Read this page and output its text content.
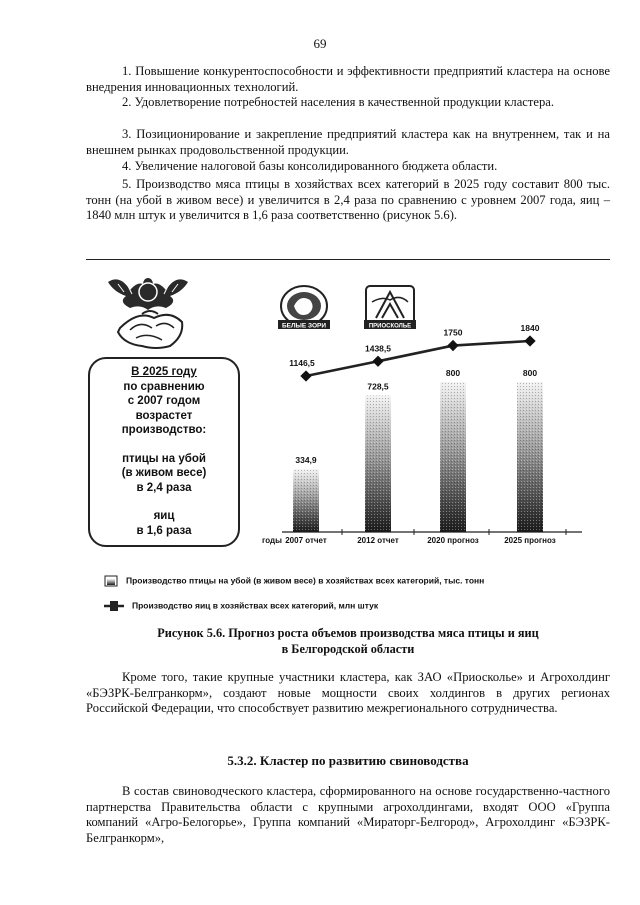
69
1. Повышение конкурентоспособности и эффективности предприятий кластера на основе внедрения инновационных технологий.
2. Удовлетворение потребностей населения в качественной продукции кластера.
3. Позиционирование и закрепление предприятий кластера как на внутреннем, так и на внешнем рынках продовольственной продукции.
4. Увеличение налоговой базы консолидированного бюджета области.
5. Производство мяса птицы в хозяйствах всех категорий в 2025 году составит 800 тыс. тонн (на убой в живом весе) и увеличится в 2,4 раза по сравнению с уровнем 2007 года, яиц – 1840 млн штук и увеличится в 1,6 раза соответственно (рисунок 5.6).
БЕЛЫЕ ЗОРИ	ПРИОСКОЛЬЕ
годы
334,9
728,5
800	800
1146,5
1438,5
1750	1840
2007 отчет	2012 отчет	2020 прогноз	2025 прогноз
В 2025 году
по сравнению
с 2007 годом
возрастет
производство:
птицы на убой
(в живом весе)
в 2,4 раза
яиц
в 1,6 раза
Производство птицы на убой (в живом весе) в хозяйствах всех категорий, тыс. тонн
Производство яиц в хозяйствах всех категорий, млн штук
Рисунок 5.6. Прогноз роста объемов производства мяса птицы и яиц
в Белгородской области
Кроме того, такие крупные участники кластера, как ЗАО «Приосколье» и Агрохолдинг «БЭЗРК-Белгранкорм», создают новые мощности своих холдингов в других регионах Российской Федерации, что способствует развитию межрегионального сотрудничества.
5.3.2. Кластер по развитию свиноводства
В состав свиноводческого кластера, сформированного на основе государственно-частного партнерства Правительства области с крупными агрохолдингами, входят ООО «Группа компаний «Агро-Белогорье», Группа компаний «Мираторг-Белгород», Агрохолдинг «БЭЗРК-Белгранкорм»,
